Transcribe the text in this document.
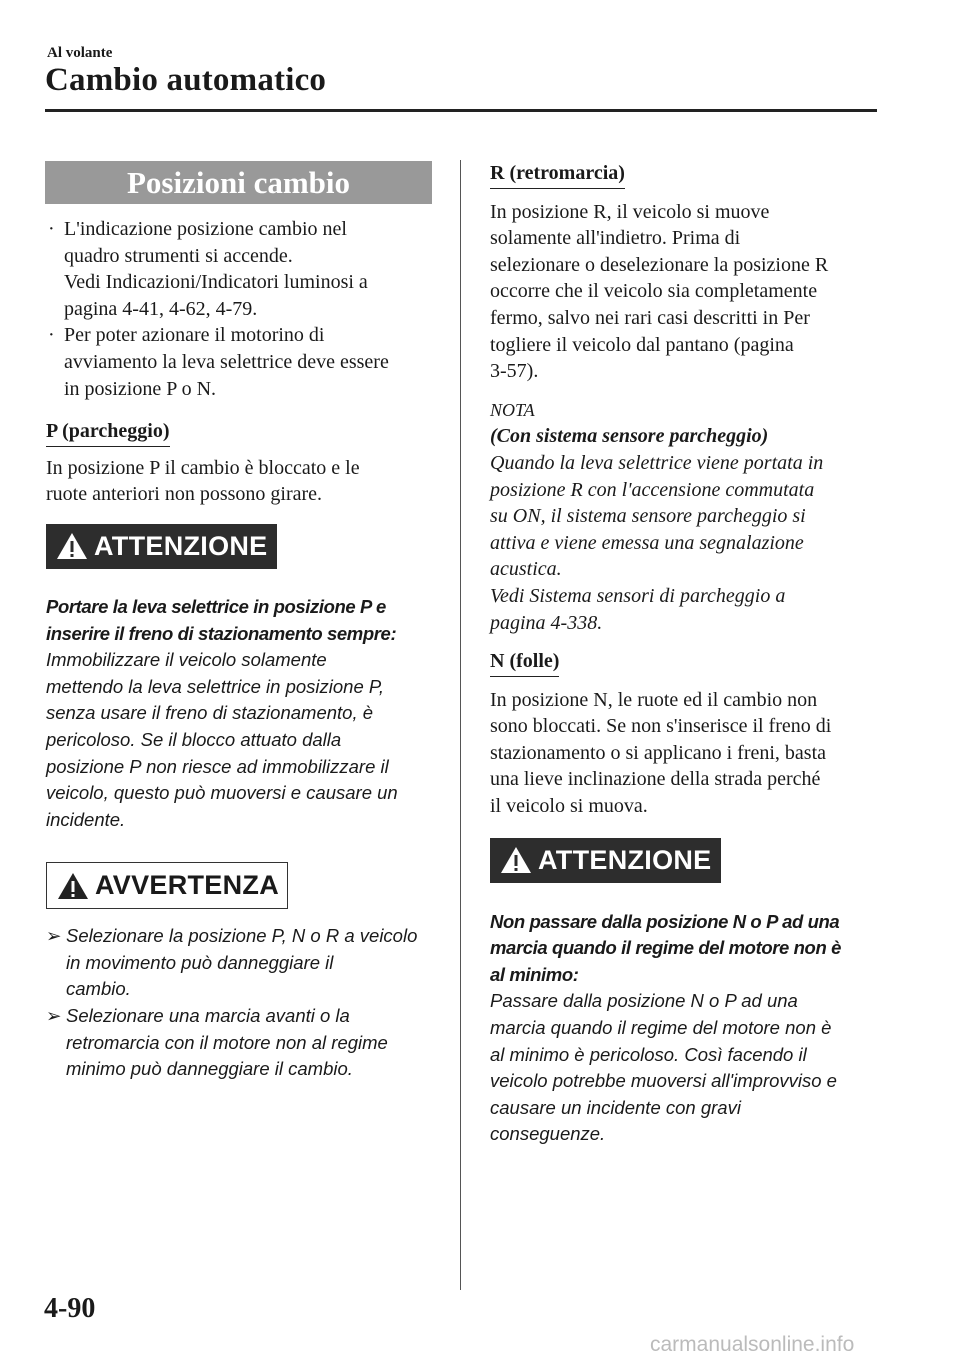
Al volante
Cambio automatico
Posizioni cambio
· L'indicazione posizione cambio nel
quadro strumenti si accende.
Vedi Indicazioni/Indicatori luminosi a
pagina 4-41, 4-62, 4-79.
· Per poter azionare il motorino di
avviamento la leva selettrice deve essere
in posizione P o N.
P (parcheggio)

In posizione P il cambio è bloccato e le

ruote anteriori non possono girare.

ATTENZIONE
Portare la leva selettrice in posizione P e
inserire il freno di stazionamento sempre:
Immobilizzare il veicolo solamente
mettendo la leva selettrice in posizione P,
senza usare il freno di stazionamento, è
pericoloso. Se il blocco attuato dalla
posizione P non riesce ad immobilizzare il
veicolo, questo può muoversi e causare un
incidente.
AVVERTENZA
➢ Selezionare la posizione P, N o R a veicolo
in movimento può danneggiare il
cambio.
➢ Selezionare una marcia avanti o la
retromarcia con il motore non al regime
minimo può danneggiare il cambio.
R (retromarcia)

In posizione R, il veicolo si muove

solamente all'indietro. Prima di

selezionare o deselezionare la posizione R

occorre che il veicolo sia completamente

fermo, salvo nei rari casi descritti in Per

togliere il veicolo dal pantano (pagina

3-57).

NOTA
(Con sistema sensore parcheggio)
Quando la leva selettrice viene portata in
posizione R con l'accensione commutata
su ON, il sistema sensore parcheggio si
attiva e viene emessa una segnalazione
acustica.
Vedi Sistema sensori di parcheggio a
pagina 4-338.
N (folle)

In posizione N, le ruote ed il cambio non

sono bloccati. Se non s'inserisce il freno di

stazionamento o si applicano i freni, basta

una lieve inclinazione della strada perché

il veicolo si muova.

ATTENZIONE
Non passare dalla posizione N o P ad una
marcia quando il regime del motore non è
al minimo:
Passare dalla posizione N o P ad una
marcia quando il regime del motore non è
al minimo è pericoloso. Così facendo il
veicolo potrebbe muoversi all'improvviso e
causare un incidente con gravi
conseguenze.
4-90
carmanualsonline.info
